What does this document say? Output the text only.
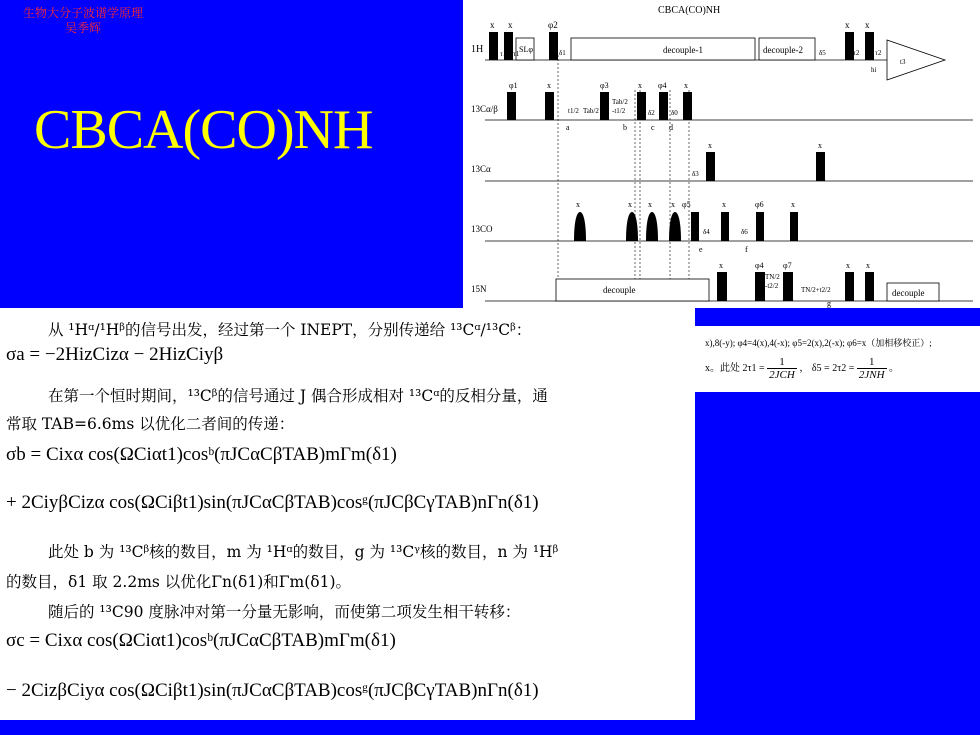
生物大分子波谱学原理
吴季辉
CBCA(CO)NH
CBCA(CO)NH
1H
13Cα/β
13Cα
13CO
15N
decouple-1	decouple-2
τ1 τ1 SLφ	δ1	δ5	τ2 τ2
t3
hi
x x	φ2	x x
φ1	x	φ3	x φ4 x
t1/2 Tab/2
Tab/2
-t1/2	δ2 δ0
a	b	c d
x	x
δ3
x	x x x φ5	x	φ6	x
δ4	δ6
e	f
decouple	decouple
x	φ4 φ7	x x
TN/2
-t2/2	TN/2+t2/2
g
x),8(-y); φ4=4(x),4(-x); φ5=2(x),2(-x); φ6=x（加相移校正）;
x。此处 $2\tau 1 = \frac{1}{\text{2JCH}}$ ， $\delta 5 = 2\tau 2 = \frac{1}{\text{2JNH}}$ 。
从 ¹Hᵅ/¹Hᵝ的信号出发，经过第一个 INEPT，分别传递给 ¹³Cᵅ/¹³Cᵝ：
σa = −2HizCizα − 2HizCiyβ
在第一个恒时期间，¹³Cᵝ的信号通过 J 偶合形成相对 ¹³Cᵅ的反相分量，通
常取 TAB=6.6ms 以优化二者间的传递：
σb = Cixα cos(ΩCiαt1)cosᵇ(πJCαCβTAB)mΓm(δ1)
+ 2CiyβCizα cos(ΩCiβt1)sin(πJCαCβTAB)cosᵍ(πJCβCγTAB)nΓn(δ1)
此处 b 为 ¹³Cᵝ核的数目，m 为 ¹Hᵅ的数目，g 为 ¹³Cᵞ核的数目，n 为 ¹Hᵝ
的数目，δ1 取 2.2ms 以优化Γn(δ1)和Γm(δ1)。
随后的 ¹³C90 度脉冲对第一分量无影响，而使第二项发生相干转移：
σc = Cixα cos(ΩCiαt1)cosᵇ(πJCαCβTAB)mΓm(δ1)
− 2CizβCiyα cos(ΩCiβt1)sin(πJCαCβTAB)cosᵍ(πJCβCγTAB)nΓn(δ1)
